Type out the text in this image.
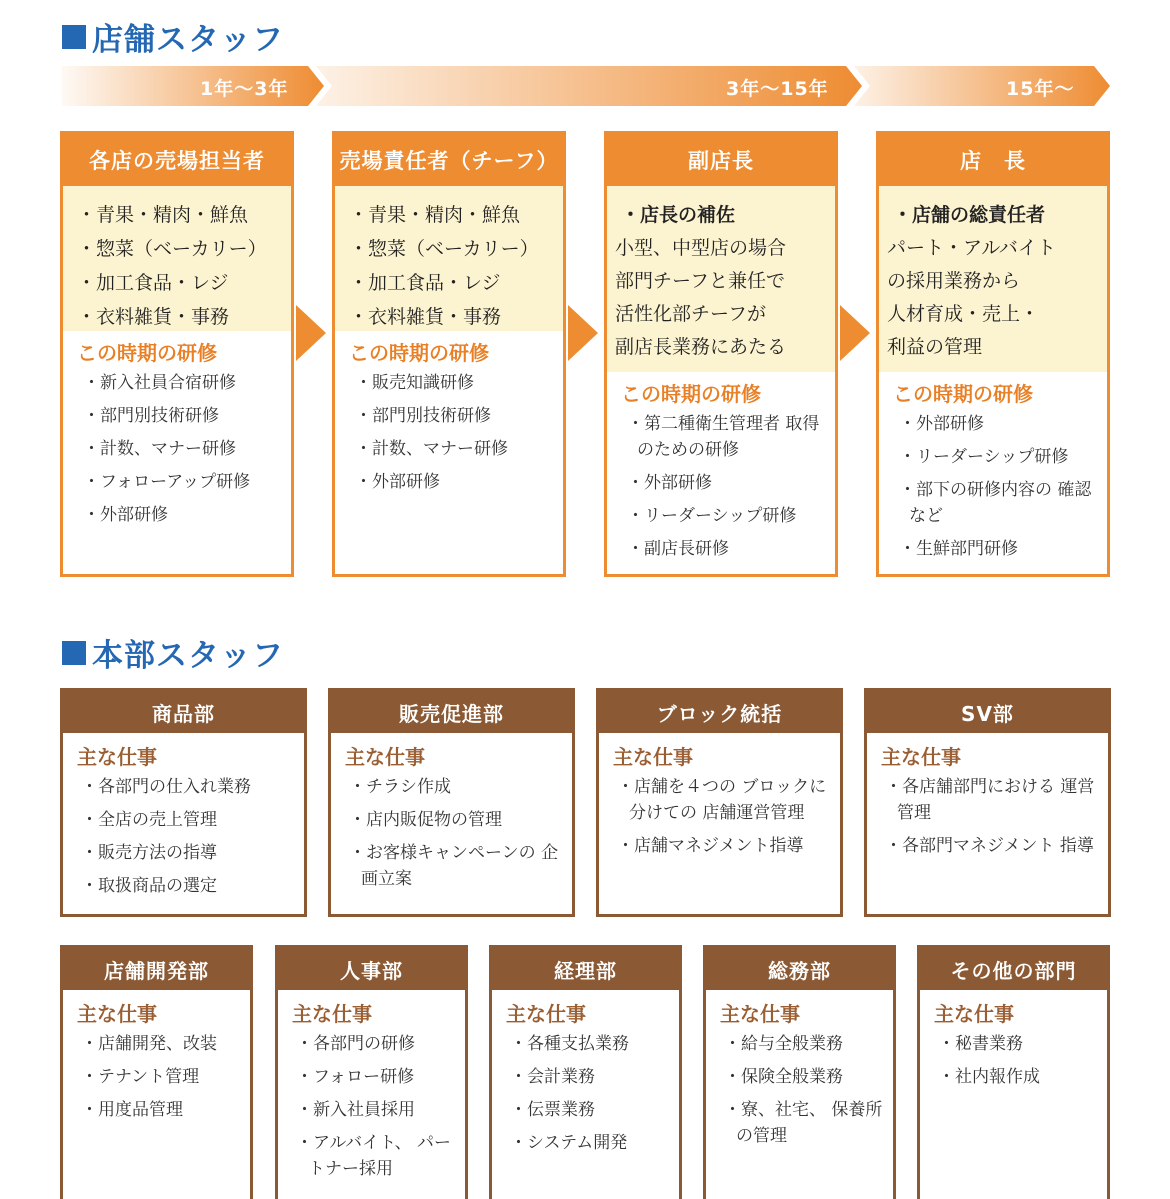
店舗スタッフ
1年〜3年	3年〜15年	15年〜
各店の売場担当者
・青果・精肉・鮮魚
・惣菜（ベーカリー）
・加工食品・レジ
・衣料雑貨・事務
この時期の研修
・新入社員合宿研修
・部門別技術研修
・計数、マナー研修
・フォローアップ研修
・外部研修
売場責任者（チーフ）
・青果・精肉・鮮魚
・惣菜（ベーカリー）
・加工食品・レジ
・衣料雑貨・事務
この時期の研修
・販売知識研修
・部門別技術研修
・計数、マナー研修
・外部研修
副店長
・店長の補佐
小型、中型店の場合
部門チーフと兼任で
活性化部チーフが
副店長業務にあたる
この時期の研修
・第二種衛生管理者 取得のための研修
・外部研修
・リーダーシップ研修
・副店長研修
店　長
・店舗の総責任者
パート・アルバイト
の採用業務から
人材育成・売上・
利益の管理
この時期の研修
・外部研修
・リーダーシップ研修
・部下の研修内容の 確認など
・生鮮部門研修
本部スタッフ
商品部
主な仕事
・各部門の仕入れ業務
・全店の売上管理
・販売方法の指導
・取扱商品の選定
販売促進部
主な仕事
・チラシ作成
・店内販促物の管理
・お客様キャンペーンの 企画立案
ブロック統括
主な仕事
・店舗を４つの ブロックに分けての 店舗運営管理
・店舗マネジメント指導
SV部
主な仕事
・各店舗部門における 運営管理
・各部門マネジメント 指導
店舗開発部
主な仕事
・店舗開発、改装
・テナント管理
・用度品管理
人事部
主な仕事
・各部門の研修
・フォロー研修
・新入社員採用
・アルバイト、 パートナー採用
経理部
主な仕事
・各種支払業務
・会計業務
・伝票業務
・システム開発
総務部
主な仕事
・給与全般業務
・保険全般業務
・寮、社宅、 保養所の管理
その他の部門
主な仕事
・秘書業務
・社内報作成
